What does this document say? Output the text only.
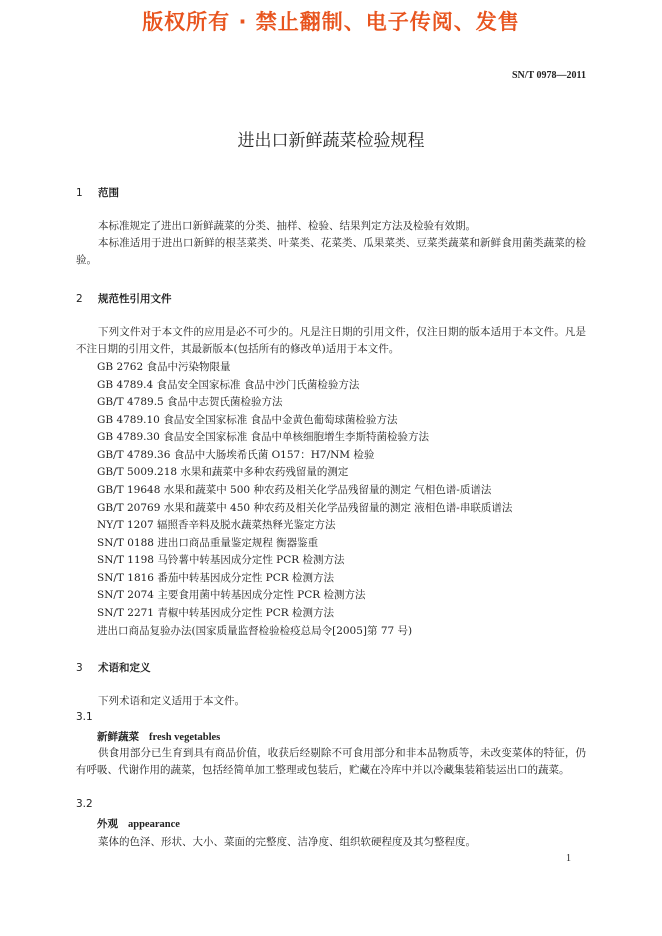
版权所有 · 禁止翻制、电子传阅、发售
SN/T 0978—2011
进出口新鲜蔬菜检验规程
1 范围
本标准规定了进出口新鲜蔬菜的分类、抽样、检验、结果判定方法及检验有效期。
本标准适用于进出口新鲜的根茎菜类、叶菜类、花菜类、瓜果菜类、豆菜类蔬菜和新鲜食用菌类蔬菜的检验。
2 规范性引用文件
下列文件对于本文件的应用是必不可少的。凡是注日期的引用文件，仅注日期的版本适用于本文件。凡是不注日期的引用文件，其最新版本(包括所有的修改单)适用于本文件。
GB 2762 食品中污染物限量
GB 4789.4 食品安全国家标准 食品中沙门氏菌检验方法
GB/T 4789.5 食品中志贺氏菌检验方法
GB 4789.10 食品安全国家标准 食品中金黄色葡萄球菌检验方法
GB 4789.30 食品安全国家标准 食品中单核细胞增生李斯特菌检验方法
GB/T 4789.36 食品中大肠埃希氏菌 O157：H7/NM 检验
GB/T 5009.218 水果和蔬菜中多种农药残留量的测定
GB/T 19648 水果和蔬菜中 500 种农药及相关化学品残留量的测定 气相色谱-质谱法
GB/T 20769 水果和蔬菜中 450 种农药及相关化学品残留量的测定 液相色谱-串联质谱法
NY/T 1207 辐照香辛料及脱水蔬菜热释光鉴定方法
SN/T 0188 进出口商品重量鉴定规程 衡器鉴重
SN/T 1198 马铃薯中转基因成分定性 PCR 检测方法
SN/T 1816 番茄中转基因成分定性 PCR 检测方法
SN/T 2074 主要食用菌中转基因成分定性 PCR 检测方法
SN/T 2271 青椒中转基因成分定性 PCR 检测方法
进出口商品复验办法(国家质量监督检验检疫总局令[2005]第 77 号)
3 术语和定义
下列术语和定义适用于本文件。
3.1
新鲜蔬菜 fresh vegetables
供食用部分已生育到具有商品价值，收获后经剔除不可食用部分和非本品物质等，未改变菜体的特征，仍有呼吸、代谢作用的蔬菜，包括经简单加工整理或包装后，贮藏在冷库中并以冷藏集装箱装运出口的蔬菜。
3.2
外观 appearance
菜体的色泽、形状、大小、菜面的完整度、洁净度、组织软硬程度及其匀整程度。
1
